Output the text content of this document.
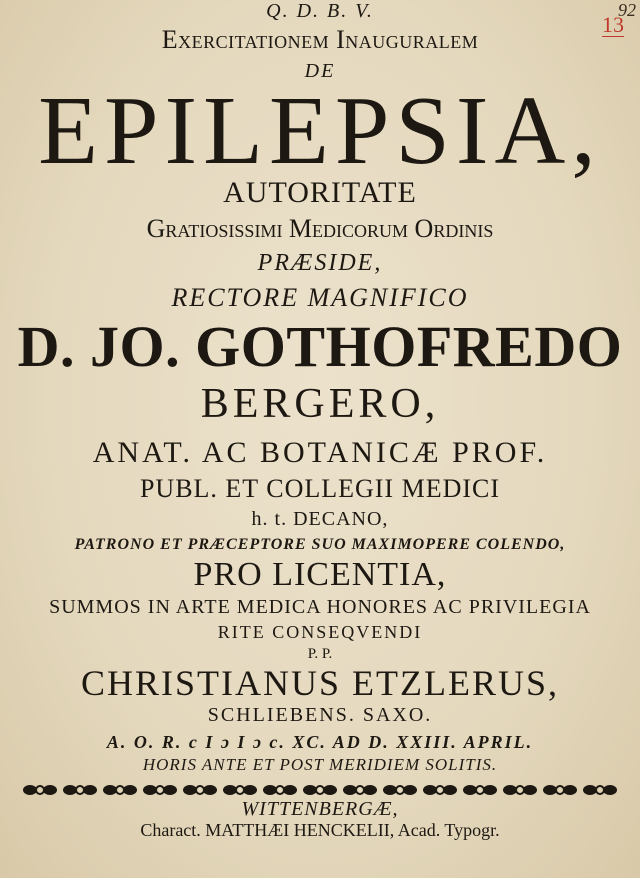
92
13
Q. D. B. V.
Exercitationem Inauguralem
DE
EPILEPSIA,
AUTORITATE
Gratiosissimi Medicorum Ordinis
PRÆSIDE,
RECTORE MAGNIFICO
D. JO. GOTHOFREDO
BERGERO,
ANAT. AC BOTANICÆ PROF.
PUBL. ET COLLEGII MEDICI
h. t. DECANO,
PATRONO ET PRÆCEPTORE SUO MAXIMOPERE COLENDO,
PRO LICENTIA,
SUMMOS IN ARTE MEDICA HONORES AC PRIVILEGIA
RITE CONSEQVENDI
P. P.
CHRISTIANUS ETZLERUS,
SCHLIEBENS. SAXO.
A. O. R. c I ɔ I ɔ c. XC. AD D. XXIII. APRIL.
HORIS ANTE ET POST MERIDIEM SOLITIS.
WITTENBERGÆ,
Charact. MATTHÆI HENCKELII, Acad. Typogr.
